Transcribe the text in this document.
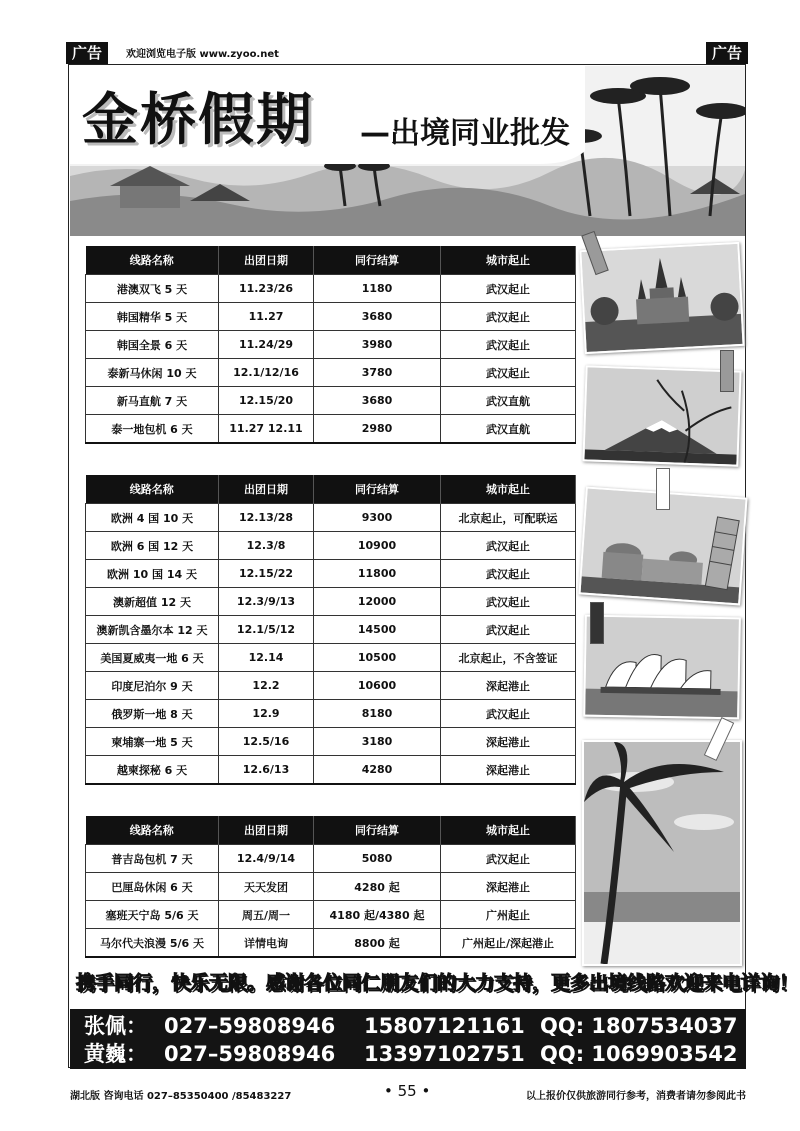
广告	欢迎浏览电子版 www.zyoo.net	广告
金桥假期 —出境同业批发
线路名称	出团日期	同行结算	城市起止
港澳双飞 5 天	11.23/26	1180	武汉起止
韩国精华 5 天	11.27	3680	武汉起止
韩国全景 6 天	11.24/29	3980	武汉起止
泰新马休闲 10 天	12.1/12/16	3780	武汉起止
新马直航 7 天	12.15/20	3680	武汉直航
泰一地包机 6 天	11.27 12.11	2980	武汉直航
线路名称	出团日期	同行结算	城市起止
欧洲 4 国 10 天	12.13/28	9300	北京起止，可配联运
欧洲 6 国 12 天	12.3/8	10900	武汉起止
欧洲 10 国 14 天	12.15/22	11800	武汉起止
澳新超值 12 天	12.3/9/13	12000	武汉起止
澳新凯含墨尔本 12 天	12.1/5/12	14500	武汉起止
美国夏威夷一地 6 天	12.14	10500	北京起止，不含签证
印度尼泊尔 9 天	12.2	10600	深起港止
俄罗斯一地 8 天	12.9	8180	武汉起止
柬埔寨一地 5 天	12.5/16	3180	深起港止
越柬探秘 6 天	12.6/13	4280	深起港止
线路名称	出团日期	同行结算	城市起止
普吉岛包机 7 天	12.4/9/14	5080	武汉起止
巴厘岛休闲 6 天	天天发团	4280 起	深起港止
塞班天宁岛 5/6 天	周五/周一	4180 起/4380 起	广州起止
马尔代夫浪漫 5/6 天	详情电询	8800 起	广州起止/深起港止
携手同行，快乐无限。感谢各位同仁朋友们的大力支持，更多出境线路欢迎来电详询！
张佩： 027–59808946 15807121161 QQ: 1807534037
黄巍： 027–59808946 13397102751 QQ: 1069903542
湖北版 咨询电话 027–85350400 /85483227	• 55 •	以上报价仅供旅游同行参考，消费者请勿参阅此书
